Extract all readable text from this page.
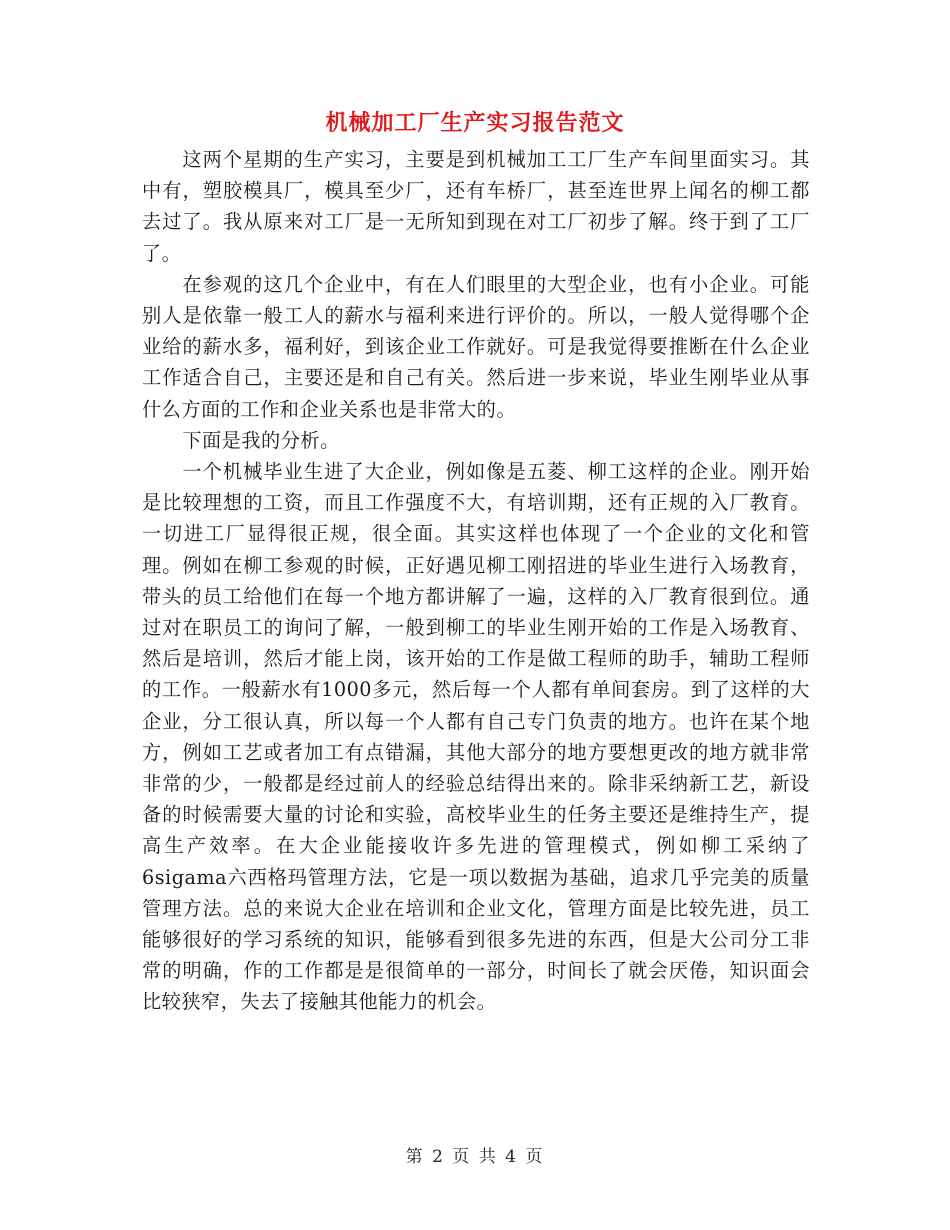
机械加工厂生产实习报告范文

这两个星期的生产实习，主要是到机械加工工厂生产车间里面实习。其中有，塑胶模具厂，模具至少厂，还有车桥厂，甚至连世界上闻名的柳工都去过了。我从原来对工厂是一无所知到现在对工厂初步了解。终于到了工厂了。

在参观的这几个企业中，有在人们眼里的大型企业，也有小企业。可能别人是依靠一般工人的薪水与福利来进行评价的。所以，一般人觉得哪个企业给的薪水多，福利好，到该企业工作就好。可是我觉得要推断在什么企业工作适合自己，主要还是和自己有关。然后进一步来说，毕业生刚毕业从事什么方面的工作和企业关系也是非常大的。

下面是我的分析。

一个机械毕业生进了大企业，例如像是五菱、柳工这样的企业。刚开始是比较理想的工资，而且工作强度不大，有培训期，还有正规的入厂教育。一切进工厂显得很正规，很全面。其实这样也体现了一个企业的文化和管理。例如在柳工参观的时候，正好遇见柳工刚招进的毕业生进行入场教育，带头的员工给他们在每一个地方都讲解了一遍，这样的入厂教育很到位。通过对在职员工的询问了解，一般到柳工的毕业生刚开始的工作是入场教育、然后是培训，然后才能上岗，该开始的工作是做工程师的助手，辅助工程师的工作。一般薪水有1000多元，然后每一个人都有单间套房。到了这样的大企业，分工很认真，所以每一个人都有自己专门负责的地方。也许在某个地方，例如工艺或者加工有点错漏，其他大部分的地方要想更改的地方就非常非常的少，一般都是经过前人的经验总结得出来的。除非采纳新工艺，新设备的时候需要大量的讨论和实验，高校毕业生的任务主要还是维持生产，提高生产效率。在大企业能接收许多先进的管理模式，例如柳工采纳了6sigama六西格玛管理方法，它是一项以数据为基础，追求几乎完美的质量管理方法。总的来说大企业在培训和企业文化，管理方面是比较先进，员工能够很好的学习系统的知识，能够看到很多先进的东西，但是大公司分工非常的明确，作的工作都是是很简单的一部分，时间长了就会厌倦，知识面会比较狭窄，失去了接触其他能力的机会。

第 2 页 共 4 页
